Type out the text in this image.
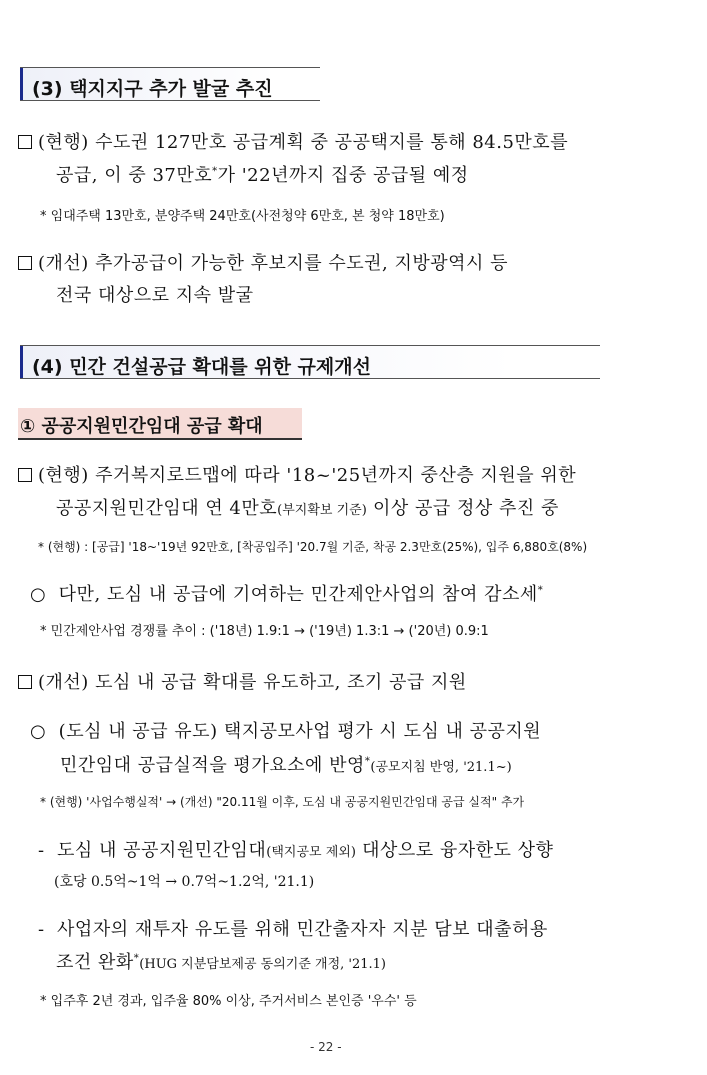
(3) 택지지구 추가 발굴 추진
(현행) 수도권 127만호 공급계획 중 공공택지를 통해 84.5만호를
공급, 이 중 37만호*가 '22년까지 집중 공급될 예정
* 임대주택 13만호, 분양주택 24만호(사전청약 6만호, 본 청약 18만호)
(개선) 추가공급이 가능한 후보지를 수도권, 지방광역시 등
전국 대상으로 지속 발굴
(4) 민간 건설공급 확대를 위한 규제개선
① 공공지원민간임대 공급 확대
(현행) 주거복지로드맵에 따라 '18~'25년까지 중산층 지원을 위한
공공지원민간임대 연 4만호(부지확보 기준) 이상 공급 정상 추진 중
* (현행) : [공급] '18~'19년 92만호, [착공입주] '20.7월 기준, 착공 2.3만호(25%), 입주 6,880호(8%)
○ 다만, 도심 내 공급에 기여하는 민간제안사업의 참여 감소세*
* 민간제안사업 경쟁률 추이 : ('18년) 1.9:1 → ('19년) 1.3:1 → ('20년) 0.9:1
(개선) 도심 내 공급 확대를 유도하고, 조기 공급 지원
○ (도심 내 공급 유도) 택지공모사업 평가 시 도심 내 공공지원
민간임대 공급실적을 평가요소에 반영*(공모지침 반영, '21.1~)
* (현행) '사업수행실적' → (개선) "20.11월 이후, 도심 내 공공지원민간임대 공급 실적" 추가
- 도심 내 공공지원민간임대(택지공모 제외) 대상으로 융자한도 상향
(호당 0.5억~1억 → 0.7억~1.2억, '21.1)
- 사업자의 재투자 유도를 위해 민간출자자 지분 담보 대출허용
조건 완화*(HUG 지분담보제공 동의기준 개정, '21.1)
* 입주후 2년 경과, 입주율 80% 이상, 주거서비스 본인증 '우수' 등
- 22 -
